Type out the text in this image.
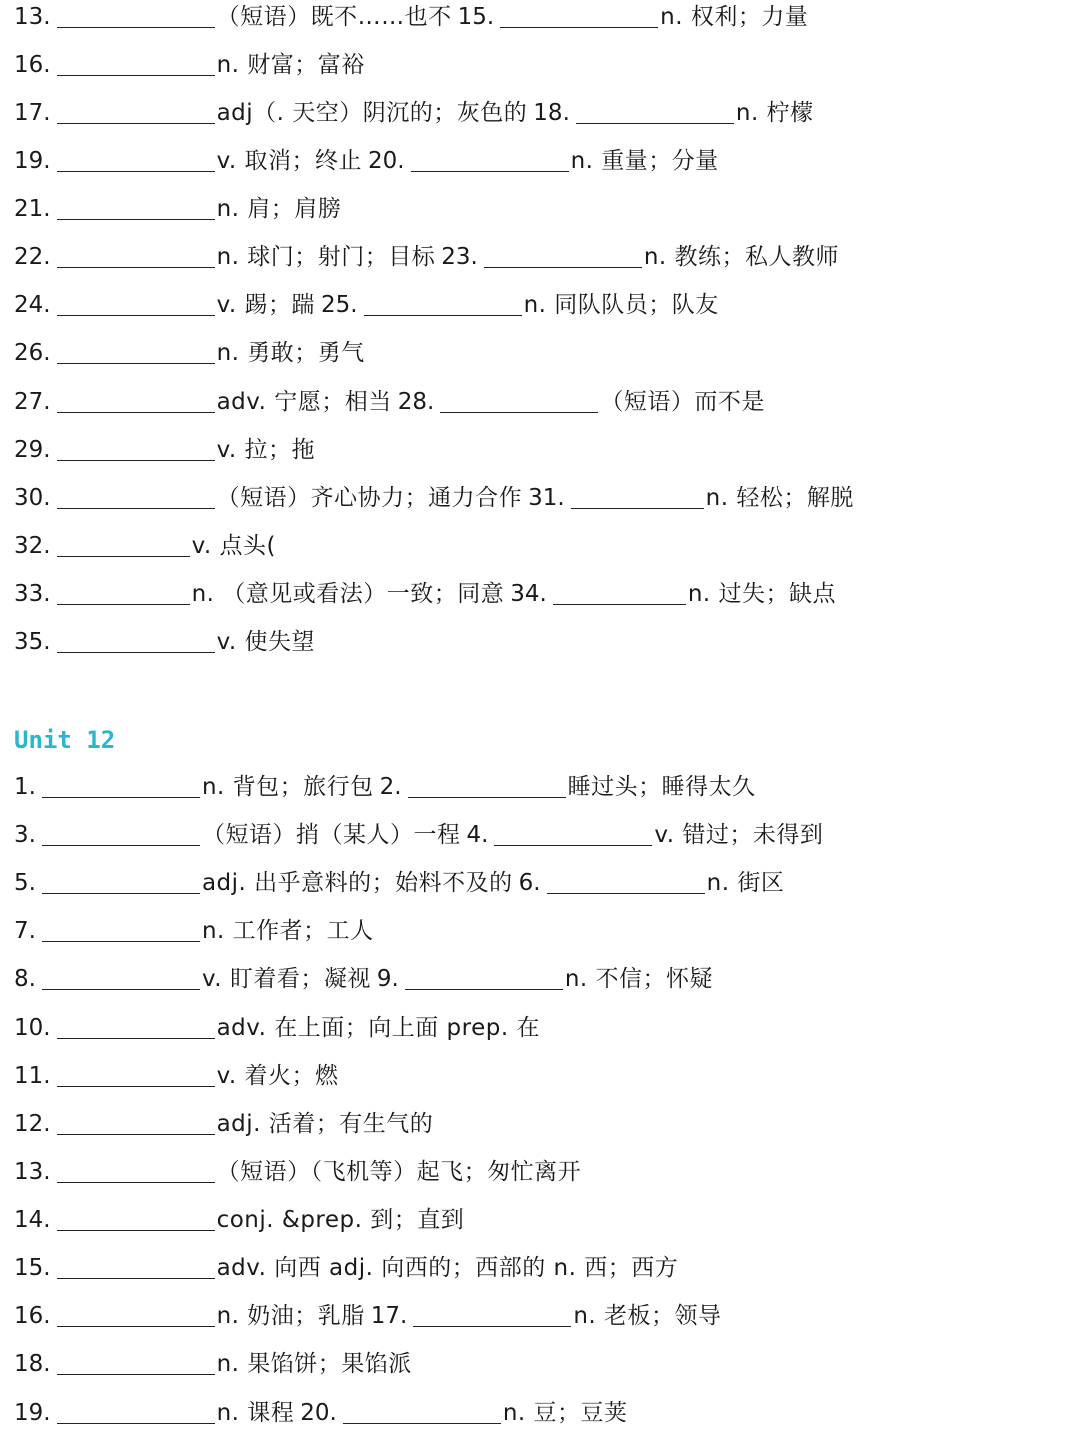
13.	（短语）既不……也不 15.	n. 权利；力量
16.	n. 财富；富裕
17.	adj（. 天空）阴沉的；灰色的 18.	n. 柠檬
19.	v. 取消；终止 20.	n. 重量；分量
21.	n. 肩；肩膀
22.	n. 球门；射门；目标 23.	n. 教练；私人教师
24.	v. 踢；踹 25.	n. 同队队员；队友
26.	n. 勇敢；勇气
27.	adv. 宁愿；相当 28.	（短语）而不是
29.	v. 拉；拖
30.	（短语）齐心协力；通力合作 31.	n. 轻松；解脱
32.	v. 点头(
33.	n. （意见或看法）一致；同意 34.	n. 过失；缺点
35.	v. 使失望
Unit 12
1.	n. 背包；旅行包 2.	睡过头；睡得太久
3.	（短语）捎（某人）一程 4.	v. 错过；未得到
5.	adj. 出乎意料的；始料不及的 6.	n. 街区
7.	n. 工作者；工人
8.	v. 盯着看；凝视 9.	n. 不信；怀疑
10.	adv. 在上面；向上面 prep. 在
11.	v. 着火；燃
12.	adj. 活着；有生气的
13.	（短语）（飞机等）起飞；匆忙离开
14.	conj. &prep. 到；直到
15.	adv. 向西 adj. 向西的；西部的 n. 西；西方
16.	n. 奶油；乳脂 17.	n. 老板；领导
18.	n. 果馅饼；果馅派
19.	n. 课程 20.	n. 豆；豆荚
